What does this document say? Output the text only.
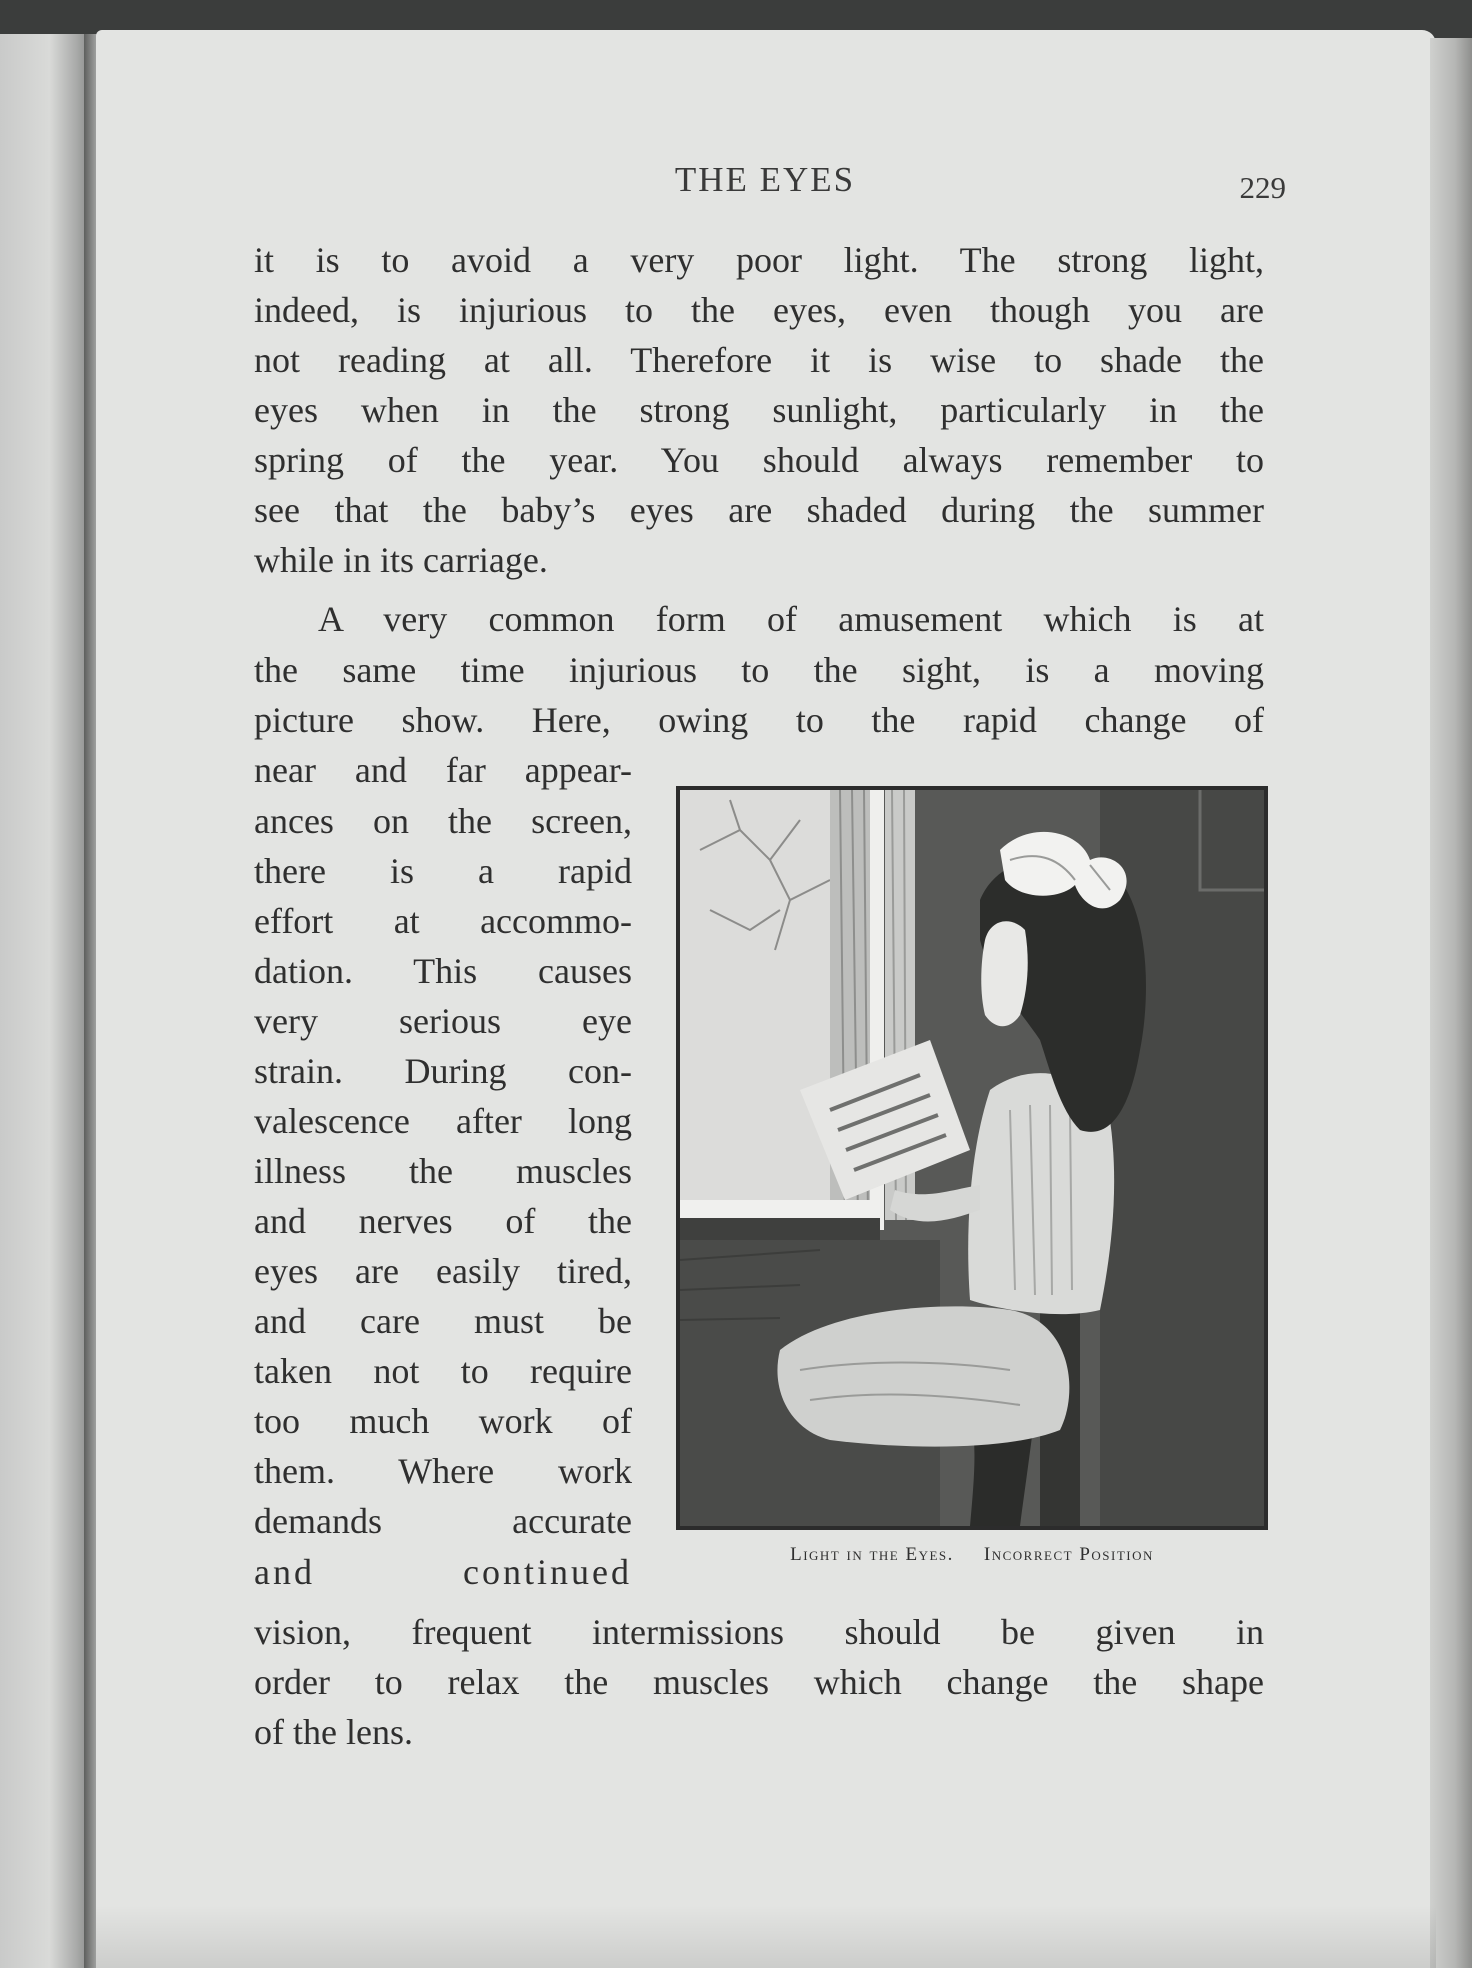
THE EYES	229
it is to avoid a very poor light. The strong light,
indeed, is injurious to the eyes, even though you are
not reading at all. Therefore it is wise to shade the
eyes when in the strong sunlight, particularly in the
spring of the year. You should always remember to
see that the baby’s eyes are shaded during the summer
while in its carriage.
A very common form of amusement which is at
the same time injurious to the sight, is a moving
picture show. Here, owing to the rapid change of
near and far appear-
ances on the screen,
there is a rapid
effort at accommo-
dation. This causes
very serious eye
strain. During con-
valescence after long
illness the muscles
and nerves of the
eyes are easily tired,
and care must be
taken not to require
too much work of
them. Where work
demands accurate
and continued
vision, frequent intermissions should be given in
order to relax the muscles which change the shape
of the lens.
Light in the Eyes. Incorrect Position
